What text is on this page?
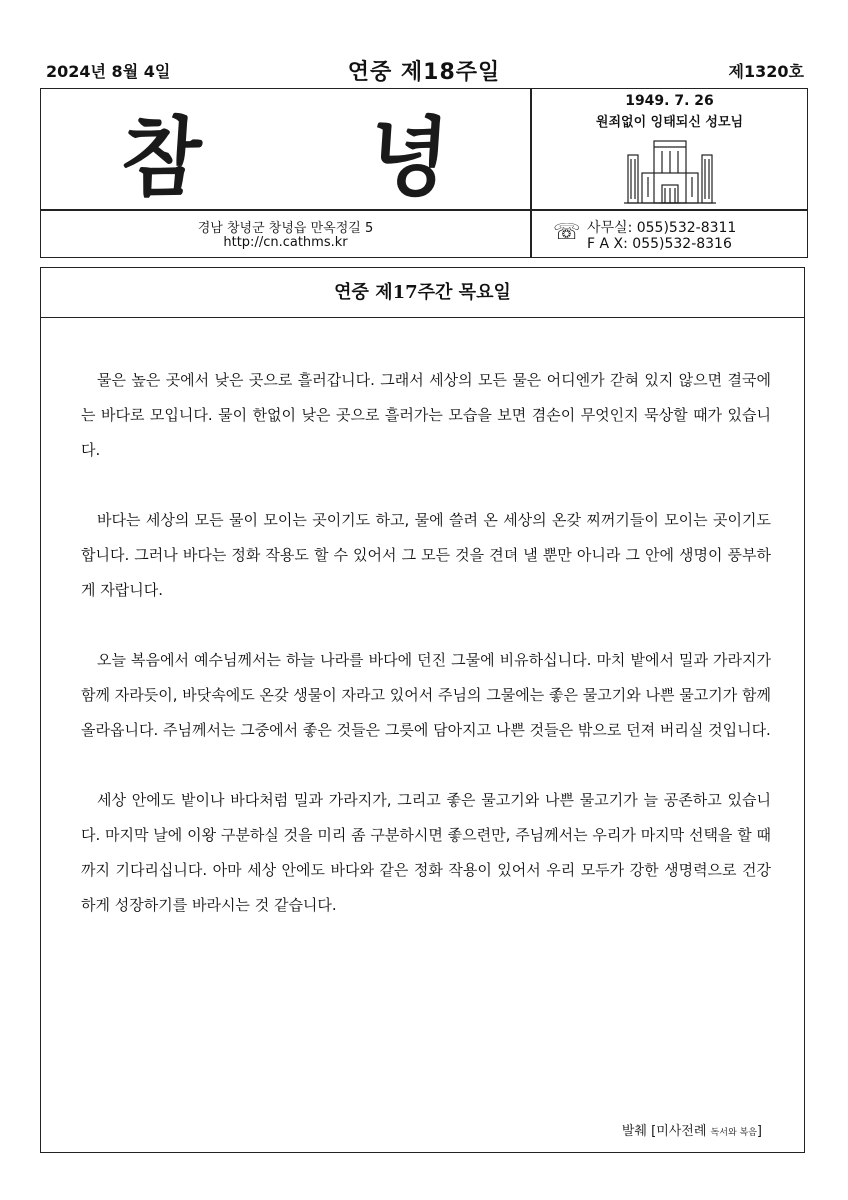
2024년 8월 4일	연중 제18주일	제1320호
참 녕
1949. 7. 26
원죄없이 잉태되신 성모님
경남 창녕군 창녕읍 만옥정길 5
http://cn.cathms.kr	☏ 사무실: 055)532-8311
F A X: 055)532-8316
연중 제17주간 목요일

물은 높은 곳에서 낮은 곳으로 흘러갑니다. 그래서 세상의 모든 물은 어디엔가 갇혀 있지 않으면 결국에는 바다로 모입니다. 물이 한없이 낮은 곳으로 흘러가는 모습을 보면 겸손이 무엇인지 묵상할 때가 있습니다.

바다는 세상의 모든 물이 모이는 곳이기도 하고, 물에 쓸려 온 세상의 온갖 찌꺼기들이 모이는 곳이기도 합니다. 그러나 바다는 정화 작용도 할 수 있어서 그 모든 것을 견뎌 낼 뿐만 아니라 그 안에 생명이 풍부하게 자랍니다.

오늘 복음에서 예수님께서는 하늘 나라를 바다에 던진 그물에 비유하십니다. 마치 밭에서 밀과 가라지가 함께 자라듯이, 바닷속에도 온갖 생물이 자라고 있어서 주님의 그물에는 좋은 물고기와 나쁜 물고기가 함께 올라옵니다. 주님께서는 그중에서 좋은 것들은 그릇에 담아지고 나쁜 것들은 밖으로 던져 버리실 것입니다.

세상 안에도 밭이나 바다처럼 밀과 가라지가, 그리고 좋은 물고기와 나쁜 물고기가 늘 공존하고 있습니다. 마지막 날에 이왕 구분하실 것을 미리 좀 구분하시면 좋으련만, 주님께서는 우리가 마지막 선택을 할 때까지 기다리십니다. 아마 세상 안에도 바다와 같은 정화 작용이 있어서 우리 모두가 강한 생명력으로 건강하게 성장하기를 바라시는 것 같습니다.

발췌 [미사전례 독서와 복음]
